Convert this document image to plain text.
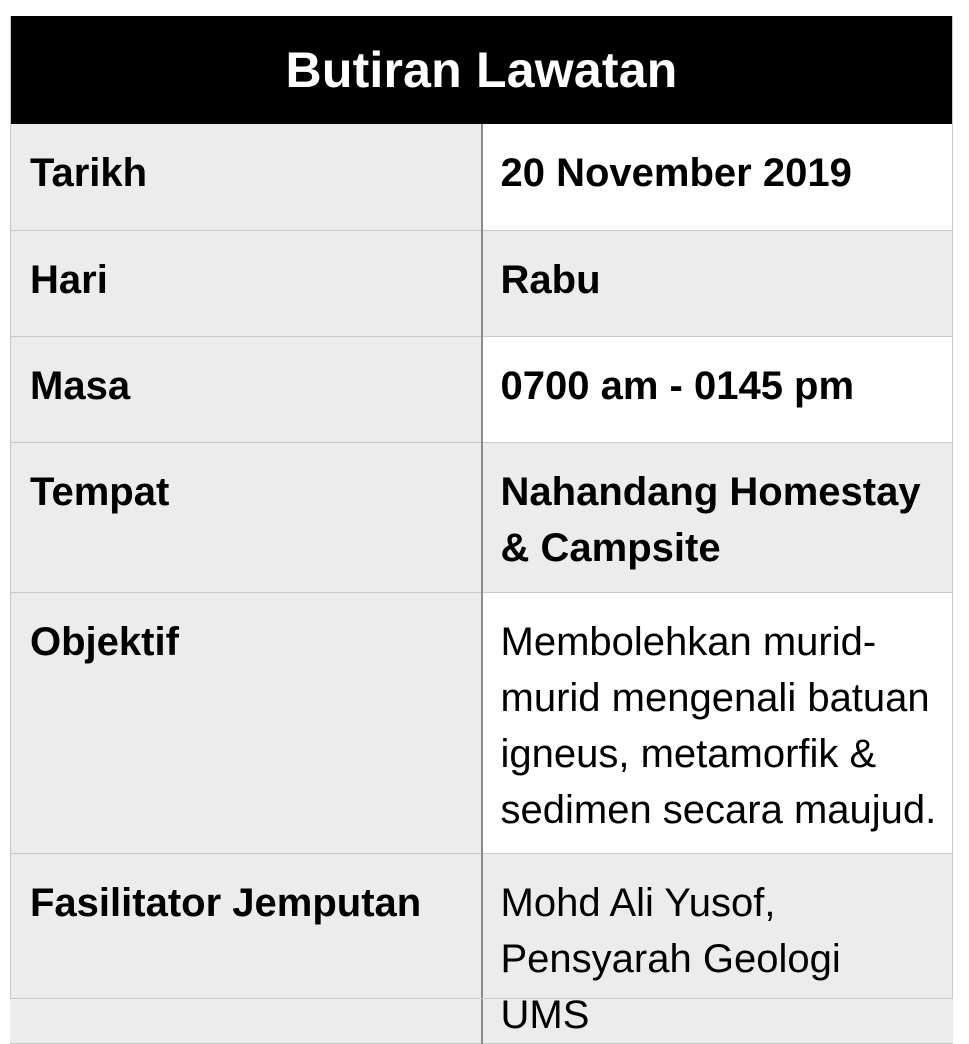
Butiran Lawatan	
Tarikh	20 November 2019
Hari	Rabu
Masa	0700 am - 0145 pm
Tempat	Nahandang Homestay & Campsite
Objektif	Membolehkan murid-murid mengenali batuan igneus, metamorfik & sedimen secara maujud.
Fasilitator Jemputan	Mohd Ali Yusof, Pensyarah Geologi UMS
